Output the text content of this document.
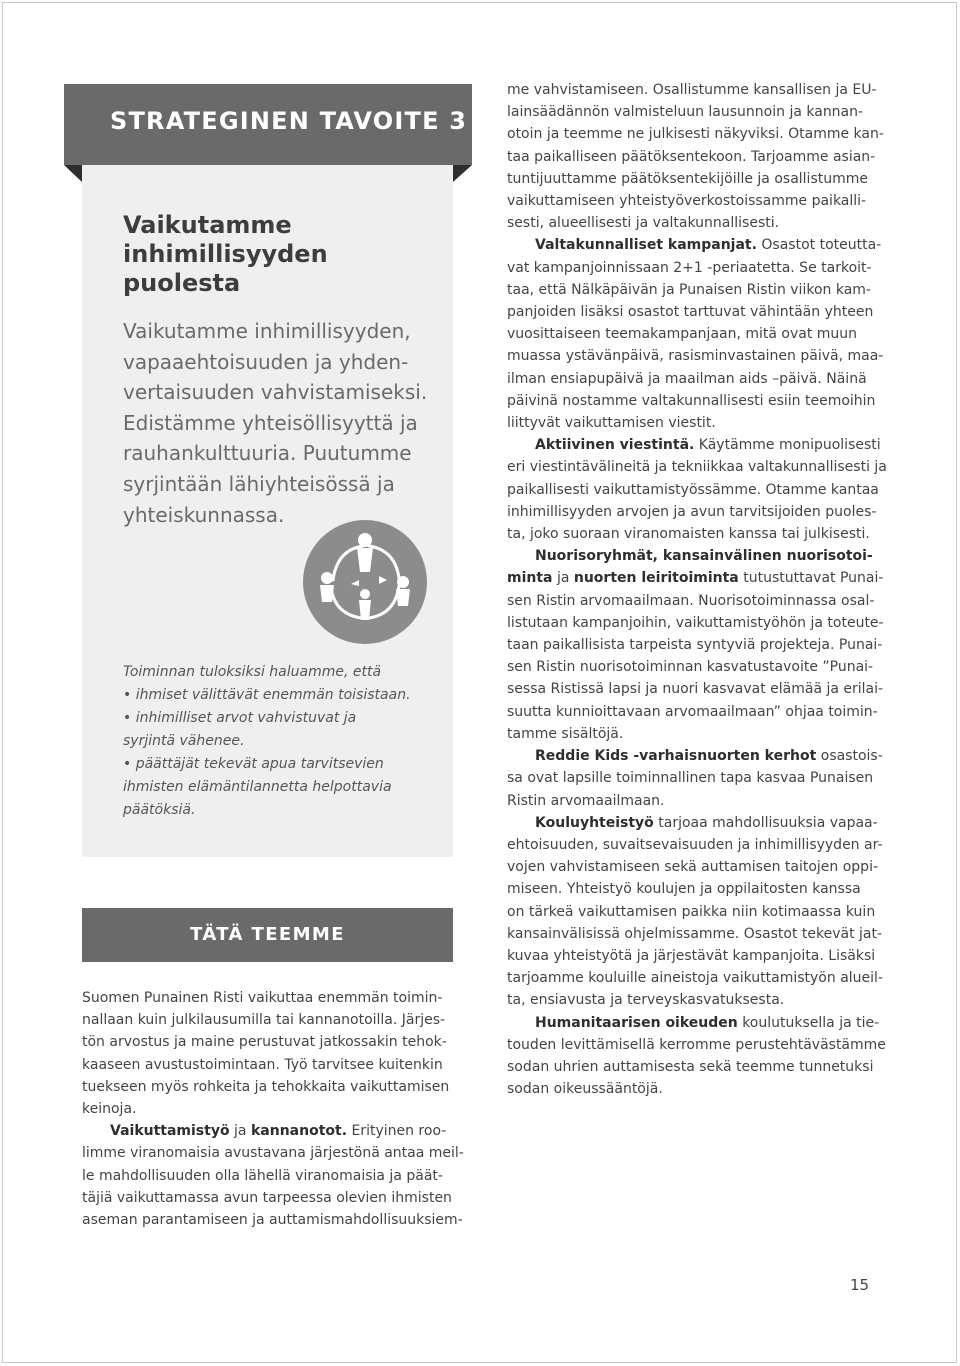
STRATEGINEN TAVOITE 3
Vaikutamme
inhimillisyyden
puolesta
Vaikutamme inhimillisyyden,
vapaaehtoisuuden ja yhden-
vertaisuuden vahvistamiseksi.
Edistämme yhteisöllisyyttä ja
rauhankulttuuria. Puutumme
syrjintään lähiyhteisössä ja
yhteiskunnassa.
Toiminnan tuloksiksi haluamme, että
• ihmiset välittävät enemmän toisistaan.
• inhimilliset arvot vahvistuvat ja
syrjintä vähenee.
• päättäjät tekevät apua tarvitsevien
ihmisten elämäntilannetta helpottavia
päätöksiä.
TÄTÄ TEEMME
Suomen Punainen Risti vaikuttaa enemmän toimin-
nallaan kuin julkilausumilla tai kannanotoilla. Järjes-
tön arvostus ja maine perustuvat jatkossakin tehok-
kaaseen avustustoimintaan. Työ tarvitsee kuitenkin
tuekseen myös rohkeita ja tehokkaita vaikuttamisen
keinoja.
Vaikuttamistyö ja kannanotot. Erityinen roo-
limme viranomaisia avustavana järjestönä antaa meil-
le mahdollisuuden olla lähellä viranomaisia ja päät-
täjiä vaikuttamassa avun tarpeessa olevien ihmisten
aseman parantamiseen ja auttamismahdollisuuksiem-
me vahvistamiseen. Osallistumme kansallisen ja EU-
lainsäädännön valmisteluun lausunnoin ja kannan-
otoin ja teemme ne julkisesti näkyviksi. Otamme kan-
taa paikalliseen päätöksentekoon. Tarjoamme asian-
tuntijuuttamme päätöksentekijöille ja osallistumme
vaikuttamiseen yhteistyöverkostoissamme paikalli-
sesti, alueellisesti ja valtakunnallisesti.
Valtakunnalliset kampanjat. Osastot toteutta-
vat kampanjoinnissaan 2+1 -periaatetta. Se tarkoit-
taa, että Nälkäpäivän ja Punaisen Ristin viikon kam-
panjoiden lisäksi osastot tarttuvat vähintään yhteen
vuosittaiseen teemakampanjaan, mitä ovat muun
muassa ystävänpäivä, rasisminvastainen päivä, maa-
ilman ensiapupäivä ja maailman aids –päivä. Näinä
päivinä nostamme valtakunnallisesti esiin teemoihin
liittyvät vaikuttamisen viestit.
Aktiivinen viestintä. Käytämme monipuolisesti
eri viestintävälineitä ja tekniikkaa valtakunnallisesti ja
paikallisesti vaikuttamistyössämme. Otamme kantaa
inhimillisyyden arvojen ja avun tarvitsijoiden puoles-
ta, joko suoraan viranomaisten kanssa tai julkisesti.
Nuorisoryhmät, kansainvälinen nuorisotoi-
minta ja nuorten leiritoiminta tutustuttavat Punai-
sen Ristin arvomaailmaan. Nuorisotoiminnassa osal-
listutaan kampanjoihin, vaikuttamistyöhön ja toteute-
taan paikallisista tarpeista syntyviä projekteja. Punai-
sen Ristin nuorisotoiminnan kasvatustavoite ”Punai-
sessa Ristissä lapsi ja nuori kasvavat elämää ja erilai-
suutta kunnioittavaan arvomaailmaan” ohjaa toimin-
tamme sisältöjä.
Reddie Kids -varhaisnuorten kerhot osastois-
sa ovat lapsille toiminnallinen tapa kasvaa Punaisen
Ristin arvomaailmaan.
Kouluyhteistyö tarjoaa mahdollisuuksia vapaa-
ehtoisuuden, suvaitsevaisuuden ja inhimillisyyden ar-
vojen vahvistamiseen sekä auttamisen taitojen oppi-
miseen. Yhteistyö koulujen ja oppilaitosten kanssa
on tärkeä vaikuttamisen paikka niin kotimaassa kuin
kansainvälisissä ohjelmissamme. Osastot tekevät jat-
kuvaa yhteistyötä ja järjestävät kampanjoita. Lisäksi
tarjoamme kouluille aineistoja vaikuttamistyön alueil-
ta, ensiavusta ja terveyskasvatuksesta.
Humanitaarisen oikeuden koulutuksella ja tie-
touden levittämisellä kerromme perustehtävästämme
sodan uhrien auttamisesta sekä teemme tunnetuksi
sodan oikeussääntöjä.
15
